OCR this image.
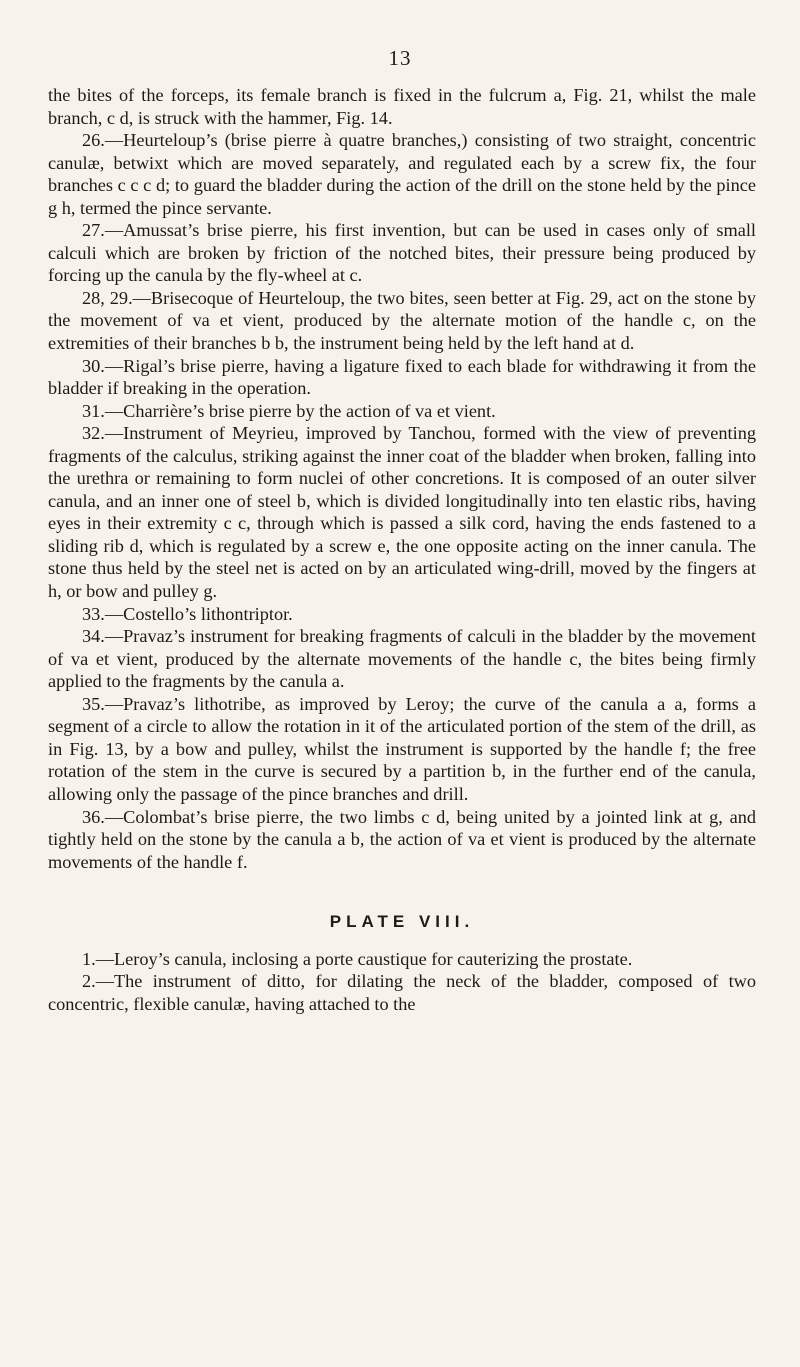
13

the bites of the forceps, its female branch is fixed in the fulcrum a, Fig. 21, whilst the male branch, c d, is struck with the hammer, Fig. 14.

26.—Heurteloup’s (brise pierre à quatre branches,) consisting of two straight, concentric canulæ, betwixt which are moved separately, and regulated each by a screw fix, the four branches c c c d; to guard the bladder during the action of the drill on the stone held by the pince g h, termed the pince servante.

27.—Amussat’s brise pierre, his first invention, but can be used in cases only of small calculi which are broken by friction of the notched bites, their pressure being produced by forcing up the canula by the fly-wheel at c.

28, 29.—Brisecoque of Heurteloup, the two bites, seen better at Fig. 29, act on the stone by the movement of va et vient, produced by the alternate motion of the handle c, on the extremities of their branches b b, the instrument being held by the left hand at d.

30.—Rigal’s brise pierre, having a ligature fixed to each blade for withdrawing it from the bladder if breaking in the operation.

31.—Charrière’s brise pierre by the action of va et vient.

32.—Instrument of Meyrieu, improved by Tanchou, formed with the view of preventing fragments of the calculus, striking against the inner coat of the bladder when broken, falling into the urethra or remaining to form nuclei of other concretions. It is composed of an outer silver canula, and an inner one of steel b, which is divided longitudinally into ten elastic ribs, having eyes in their extremity c c, through which is passed a silk cord, having the ends fastened to a sliding rib d, which is regulated by a screw e, the one opposite acting on the inner canula. The stone thus held by the steel net is acted on by an articulated wing-drill, moved by the fingers at h, or bow and pulley g.

33.—Costello’s lithontriptor.

34.—Pravaz’s instrument for breaking fragments of calculi in the bladder by the movement of va et vient, produced by the alternate movements of the handle c, the bites being firmly applied to the fragments by the canula a.

35.—Pravaz’s lithotribe, as improved by Leroy; the curve of the canula a a, forms a segment of a circle to allow the rotation in it of the articulated portion of the stem of the drill, as in Fig. 13, by a bow and pulley, whilst the instrument is supported by the handle f; the free rotation of the stem in the curve is secured by a partition b, in the further end of the canula, allowing only the passage of the pince branches and drill.

36.—Colombat’s brise pierre, the two limbs c d, being united by a jointed link at g, and tightly held on the stone by the canula a b, the action of va et vient is produced by the alternate movements of the handle f.

PLATE VIII.

1.—Leroy’s canula, inclosing a porte caustique for cauterizing the prostate.

2.—The instrument of ditto, for dilating the neck of the bladder, composed of two concentric, flexible canulæ, having attached to the
